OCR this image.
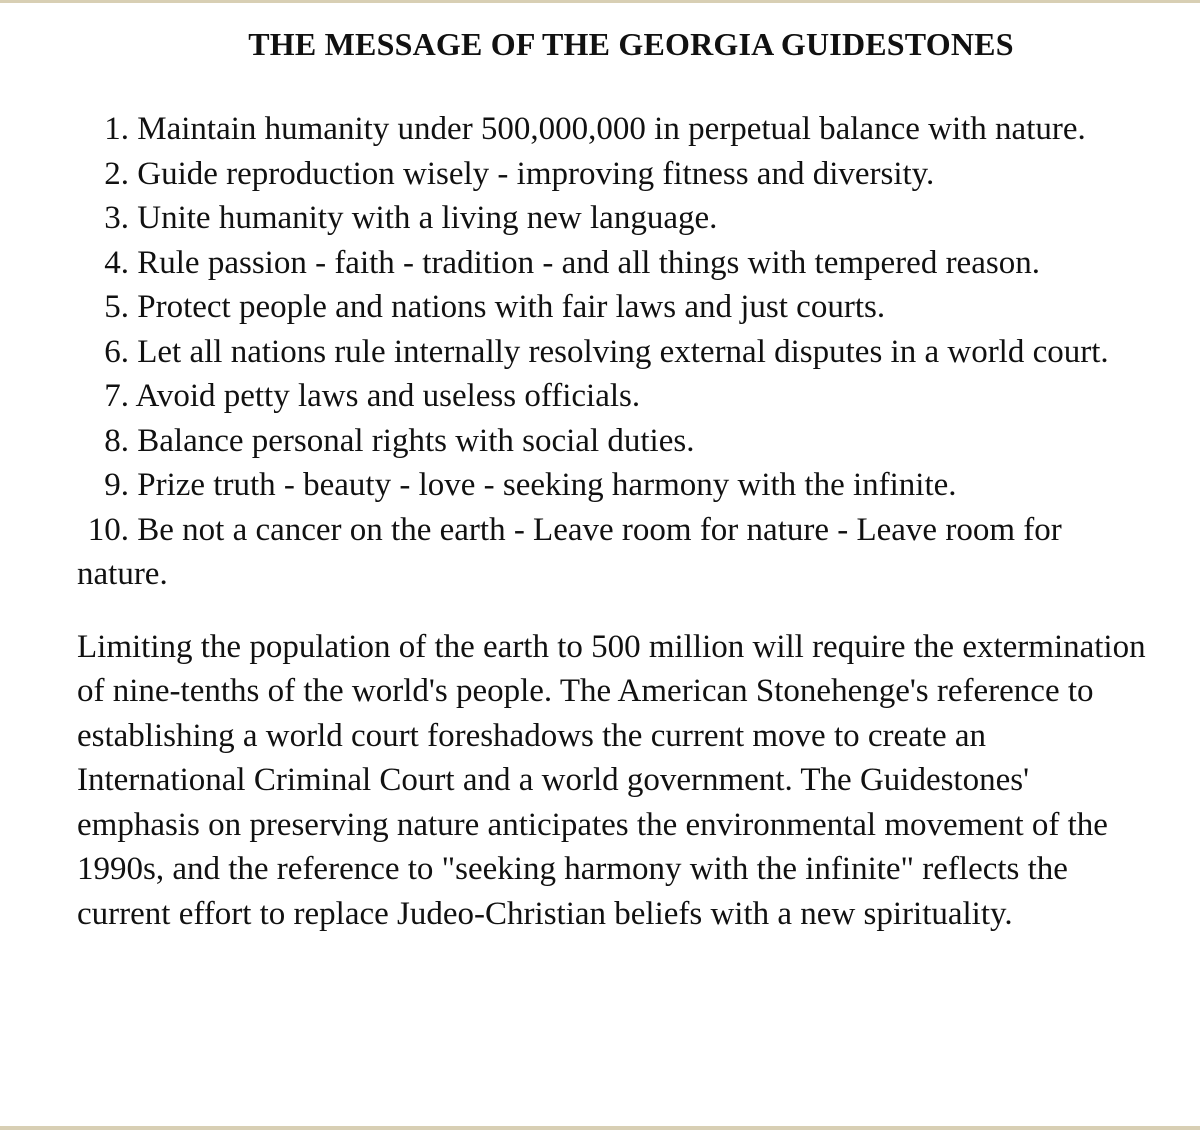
THE MESSAGE OF THE GEORGIA GUIDESTONES
1. Maintain humanity under 500,000,000 in perpetual balance with nature.
2. Guide reproduction wisely - improving fitness and diversity.
3. Unite humanity with a living new language.
4. Rule passion - faith - tradition - and all things with tempered reason.
5. Protect people and nations with fair laws and just courts.
6. Let all nations rule internally resolving external disputes in a world court.
7. Avoid petty laws and useless officials.
8. Balance personal rights with social duties.
9. Prize truth - beauty - love - seeking harmony with the infinite.
10. Be not a cancer on the earth - Leave room for nature - Leave room for nature.

Limiting the population of the earth to 500 million will require the extermination of nine-tenths of the world's people. The American Stonehenge's reference to establishing a world court foreshadows the current move to create an International Criminal Court and a world government. The Guidestones' emphasis on preserving nature anticipates the environmental movement of the 1990s, and the reference to "seeking harmony with the infinite" reflects the current effort to replace Judeo-Christian beliefs with a new spirituality.
